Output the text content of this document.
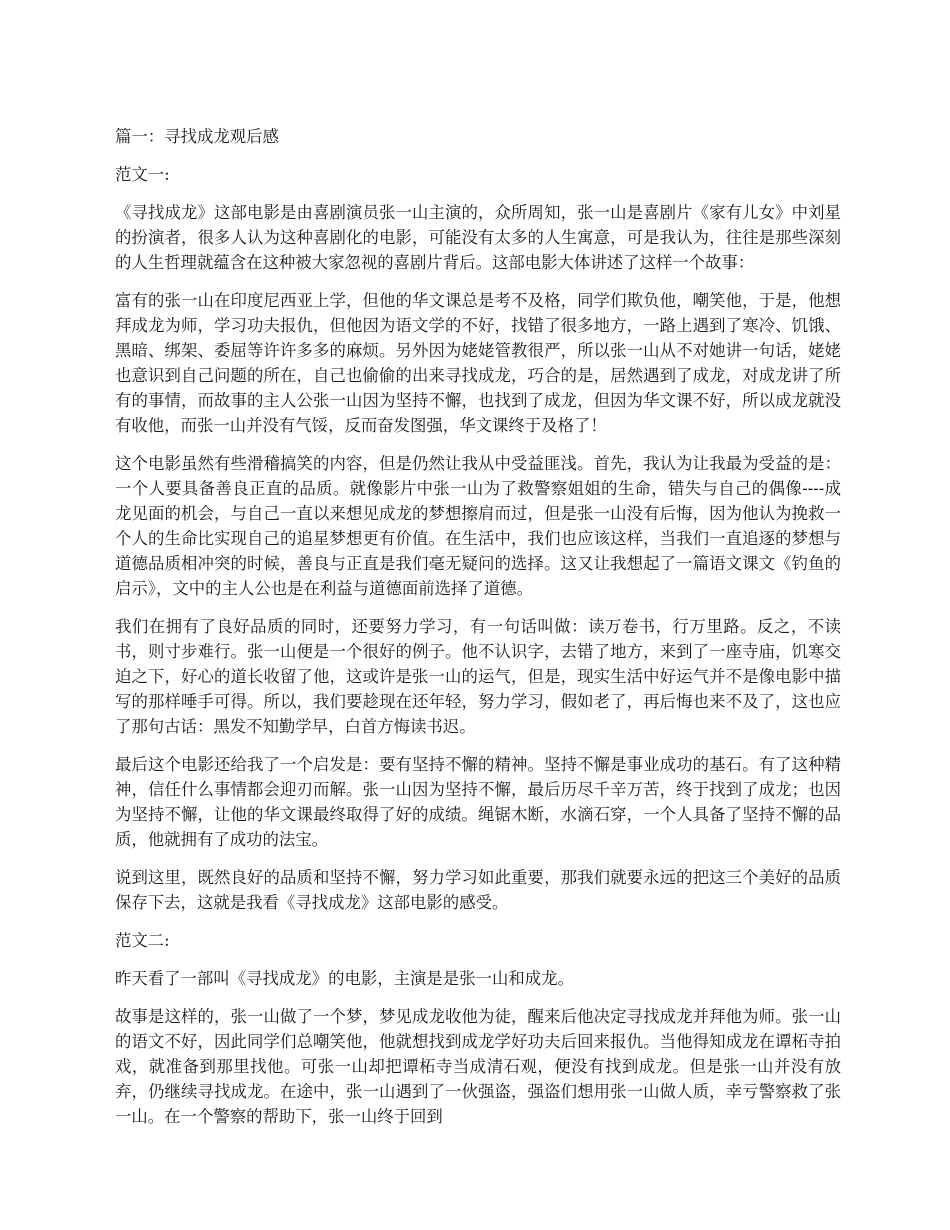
篇一：寻找成龙观后感

范文一:

《寻找成龙》这部电影是由喜剧演员张一山主演的，众所周知，张一山是喜剧片《家有儿女》中刘星的扮演者，很多人认为这种喜剧化的电影，可能没有太多的人生寓意，可是我认为，往往是那些深刻的人生哲理就蕴含在这种被大家忽视的喜剧片背后。这部电影大体讲述了这样一个故事：

富有的张一山在印度尼西亚上学，但他的华文课总是考不及格，同学们欺负他，嘲笑他，于是，他想拜成龙为师，学习功夫报仇，但他因为语文学的不好，找错了很多地方，一路上遇到了寒冷、饥饿、黑暗、绑架、委屈等许许多多的麻烦。另外因为姥姥管教很严，所以张一山从不对她讲一句话，姥姥也意识到自己问题的所在，自己也偷偷的出来寻找成龙，巧合的是，居然遇到了成龙，对成龙讲了所有的事情，而故事的主人公张一山因为坚持不懈，也找到了成龙，但因为华文课不好，所以成龙就没有收他，而张一山并没有气馁，反而奋发图强，华文课终于及格了！

这个电影虽然有些滑稽搞笑的内容，但是仍然让我从中受益匪浅。首先，我认为让我最为受益的是：一个人要具备善良正直的品质。就像影片中张一山为了救警察姐姐的生命，错失与自己的偶像----成龙见面的机会，与自己一直以来想见成龙的梦想擦肩而过，但是张一山没有后悔，因为他认为挽救一个人的生命比实现自己的追星梦想更有价值。在生活中，我们也应该这样，当我们一直追逐的梦想与道德品质相冲突的时候，善良与正直是我们毫无疑问的选择。这又让我想起了一篇语文课文《钓鱼的启示》，文中的主人公也是在利益与道德面前选择了道德。

我们在拥有了良好品质的同时，还要努力学习，有一句话叫做：读万卷书，行万里路。反之，不读书，则寸步难行。张一山便是一个很好的例子。他不认识字，去错了地方，来到了一座寺庙，饥寒交迫之下，好心的道长收留了他，这或许是张一山的运气，但是，现实生活中好运气并不是像电影中描写的那样唾手可得。所以，我们要趁现在还年轻，努力学习，假如老了，再后悔也来不及了，这也应了那句古话：黑发不知勤学早，白首方悔读书迟。

最后这个电影还给我了一个启发是：要有坚持不懈的精神。坚持不懈是事业成功的基石。有了这种精神，信任什么事情都会迎刃而解。张一山因为坚持不懈，最后历尽千辛万苦，终于找到了成龙；也因为坚持不懈，让他的华文课最终取得了好的成绩。绳锯木断，水滴石穿，一个人具备了坚持不懈的品质，他就拥有了成功的法宝。

说到这里，既然良好的品质和坚持不懈，努力学习如此重要，那我们就要永远的把这三个美好的品质保存下去，这就是我看《寻找成龙》这部电影的感受。

范文二:

昨天看了一部叫《寻找成龙》的电影，主演是是张一山和成龙。

故事是这样的，张一山做了一个梦，梦见成龙收他为徒，醒来后他决定寻找成龙并拜他为师。张一山的语文不好，因此同学们总嘲笑他，他就想找到成龙学好功夫后回来报仇。当他得知成龙在谭柘寺拍戏，就准备到那里找他。可张一山却把谭柘寺当成清石观，便没有找到成龙。但是张一山并没有放弃，仍继续寻找成龙。在途中，张一山遇到了一伙强盗，强盗们想用张一山做人质，幸亏警察救了张一山。在一个警察的帮助下，张一山终于回到
